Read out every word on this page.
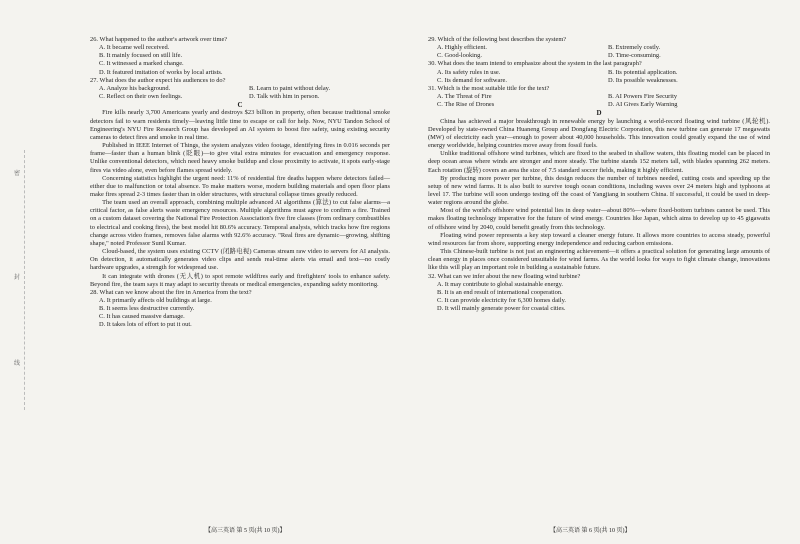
密
封
线

26. What happened to the author's artwork over time?

A. It became well received.

B. It mainly focused on still life.

C. It witnessed a marked change.

D. It featured imitation of works by local artists.

27. What does the author expect his audiences to do?

A. Analyze his background.	B. Learn to paint without delay.

C. Reflect on their own feelings.	D. Talk with him in person.

C

Fire kills nearly 3,700 Americans yearly and destroys $23 billion in property, often because traditional smoke detectors fail to warn residents timely—leaving little time to escape or call for help. Now, NYU Tandon School of Engineering's NYU Fire Research Group has developed an AI system to boost fire safety, using existing security cameras to detect fires and smoke in real time.

Published in IEEE Internet of Things, the system analyzes video footage, identifying fires in 0.016 seconds per frame—faster than a human blink (眨眼)—to give vital extra minutes for evacuation and emergency response. Unlike conventional detectors, which need heavy smoke buildup and close proximity to activate, it spots early-stage fires via video alone, even before flames spread widely.

Concerning statistics highlight the urgent need: 11% of residential fire deaths happen where detectors failed—either due to malfunction or total absence. To make matters worse, modern building materials and open floor plans make fires spread 2-3 times faster than in older structures, with structural collapse times greatly reduced.

The team used an overall approach, combining multiple advanced AI algorithms (算法) to cut false alarms—a critical factor, as false alerts waste emergency resources. Multiple algorithms must agree to confirm a fire. Trained on a custom dataset covering the National Fire Protection Association's five fire classes (from ordinary combustibles to electrical and cooking fires), the best model hit 80.6% accuracy. Temporal analysis, which tracks how fire regions change across video frames, removes false alarms with 92.6% accuracy. "Real fires are dynamic—growing, shifting shape," noted Professor Sunil Kumar.

Cloud-based, the system uses existing CCTV (闭路电视) Cameras stream raw video to servers for AI analysis. On detection, it automatically generates video clips and sends real-time alerts via email and text—no costly hardware upgrades, a strength for widespread use.

It can integrate with drones (无人机) to spot remote wildfires early and firefighters' tools to enhance safety. Beyond fire, the team says it may adapt to security threats or medical emergencies, expanding safety monitoring.

28. What can we know about the fire in America from the text?

A. It primarily affects old buildings at large.

B. It seems less destructive currently.

C. It has caused massive damage.

D. It takes lots of effort to put it out.

【高三英语 第 5 页(共 10 页)】

29. Which of the following best describes the system?

A. Highly efficient.	B. Extremely costly.

C. Good-looking.	D. Time-consuming.

30. What does the team intend to emphasize about the system in the last paragraph?

A. Its safety rules in use.	B. Its potential application.

C. Its demand for software.	D. Its possible weaknesses.

31. Which is the most suitable title for the text?

A. The Threat of Fire	B. AI Powers Fire Security

C. The Rise of Drones	D. AI Gives Early Warning

D

China has achieved a major breakthrough in renewable energy by launching a world-record floating wind turbine (风轮机). Developed by state-owned China Huaneng Group and Dongfang Electric Corporation, this new turbine can generate 17 megawatts (MW) of electricity each year—enough to power about 40,000 households. This innovation could greatly expand the use of wind energy worldwide, helping countries move away from fossil fuels.

Unlike traditional offshore wind turbines, which are fixed to the seabed in shallow waters, this floating model can be placed in deep ocean areas where winds are stronger and more steady. The turbine stands 152 meters tall, with blades spanning 262 meters. Each rotation (旋转) covers an area the size of 7.5 standard soccer fields, making it highly efficient.

By producing more power per turbine, this design reduces the number of turbines needed, cutting costs and speeding up the setup of new wind farms. It is also built to survive tough ocean conditions, including waves over 24 meters high and typhoons at level 17. The turbine will soon undergo testing off the coast of Yangjiang in southern China. If successful, it could be used in deep-water regions around the globe.

Most of the world's offshore wind potential lies in deep water—about 80%—where fixed-bottom turbines cannot be used. This makes floating technology imperative for the future of wind energy. Countries like Japan, which aims to develop up to 45 gigawatts of offshore wind by 2040, could benefit greatly from this technology.

Floating wind power represents a key step toward a cleaner energy future. It allows more countries to access steady, powerful wind resources far from shore, supporting energy independence and reducing carbon emissions.

This Chinese-built turbine is not just an engineering achievement—it offers a practical solution for generating large amounts of clean energy in places once considered unsuitable for wind farms. As the world looks for ways to fight climate change, innovations like this will play an important role in building a sustainable future.

32. What can we infer about the new floating wind turbine?

A. It may contribute to global sustainable energy.

B. It is an end result of international cooperation.

C. It can provide electricity for 6,300 homes daily.

D. It will mainly generate power for coastal cities.

【高三英语 第 6 页(共 10 页)】
